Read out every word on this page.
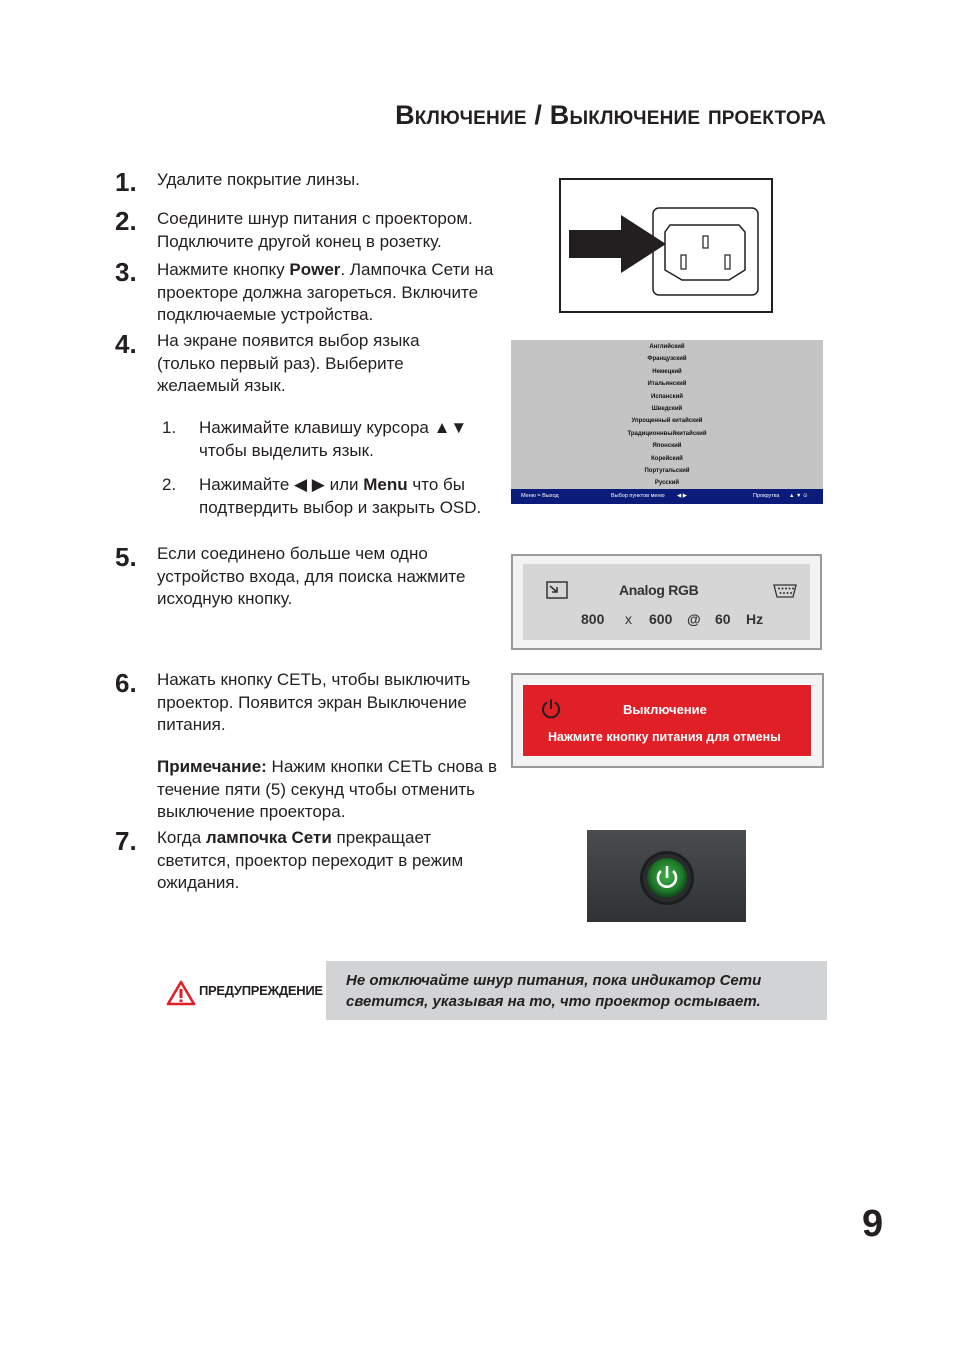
Включение / Выключение проектора
1. Удалите покрытие линзы.
2. Соедините шнур питания с проектором.
Подключите другой конец в розетку.
3. Нажмите кнопку Power. Лампочка Сети на проекторе должна загореться. Включите подключаемые устройства.
4. На экране появится выбор языка (только первый раз). Выберите желаемый язык.
1. Нажимайте клавишу курсора ▲▼ чтобы выделить язык.
2. Нажимайте ◀ ▶ или Menu что бы подтвердить выбор и закрыть OSD.
5. Если соединено больше чем одно устройство входа, для поиска нажмите исходную кнопку.
6. Нажать кнопку СЕТЬ, чтобы выключить проектор. Появится экран Выключение питания.
Примечание: Нажим кнопки СЕТЬ снова в течение пяти (5) секунд чтобы отменить выключение проектора.
7. Когда лампочка Сети прекращает светится, проектор переходит в режим ожидания.
Английский
Французский
Немецкий
Итальянский
Испанский
Шведский
Упрощенный китайский
Традиционнвыйкитайский
Японский
Корейский
Португальский
Русский
Меню = Выход	Выбор пунктов меню ◀ ▶	Прокрутка ▲ ▼ ⊙
Analog RGB
800 x 600 @ 60 Hz
Выключение
Нажмите кнопку питания для отмены
ПРЕДУПРЕЖДЕНИЕ
Не отключайте шнур питания, пока индикатор Сети
светится, указывая на то, что проектор остывает.
9
